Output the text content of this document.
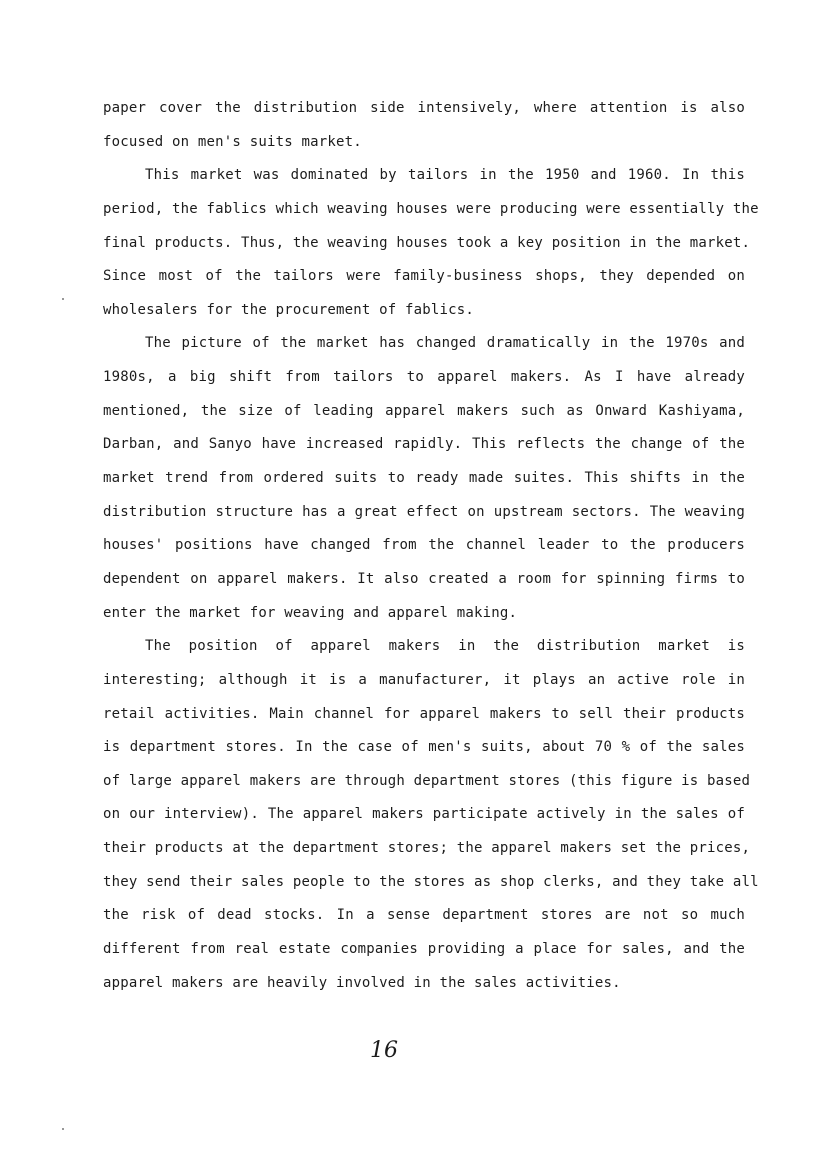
paper cover the distribution side intensively, where attention is also
focused on men's suits market.
This market was dominated by tailors in the 1950 and 1960. In this
period, the fablics which weaving houses were producing were essentially the
final products. Thus, the weaving houses took a key position in the market.
Since most of the tailors were family-business shops, they depended on
wholesalers for the procurement of fablics.
The picture of the market has changed dramatically in the 1970s and
1980s, a big shift from tailors to apparel makers. As I have already
mentioned, the size of leading apparel makers such as Onward Kashiyama,
Darban, and Sanyo have increased rapidly. This reflects the change of the
market trend from ordered suits to ready made suites. This shifts in the
distribution structure has a great effect on upstream sectors. The weaving
houses' positions have changed from the channel leader to the producers
dependent on apparel makers. It also created a room for spinning firms to
enter the market for weaving and apparel making.
The position of apparel makers in the distribution market is
interesting; although it is a manufacturer, it plays an active role in
retail activities. Main channel for apparel makers to sell their products
is department stores. In the case of men's suits, about 70 % of the sales
of large apparel makers are through department stores (this figure is based
on our interview). The apparel makers participate actively in the sales of
their products at the department stores; the apparel makers set the prices,
they send their sales people to the stores as shop clerks, and they take all
the risk of dead stocks. In a sense department stores are not so much
different from real estate companies providing a place for sales, and the
apparel makers are heavily involved in the sales activities.
16
